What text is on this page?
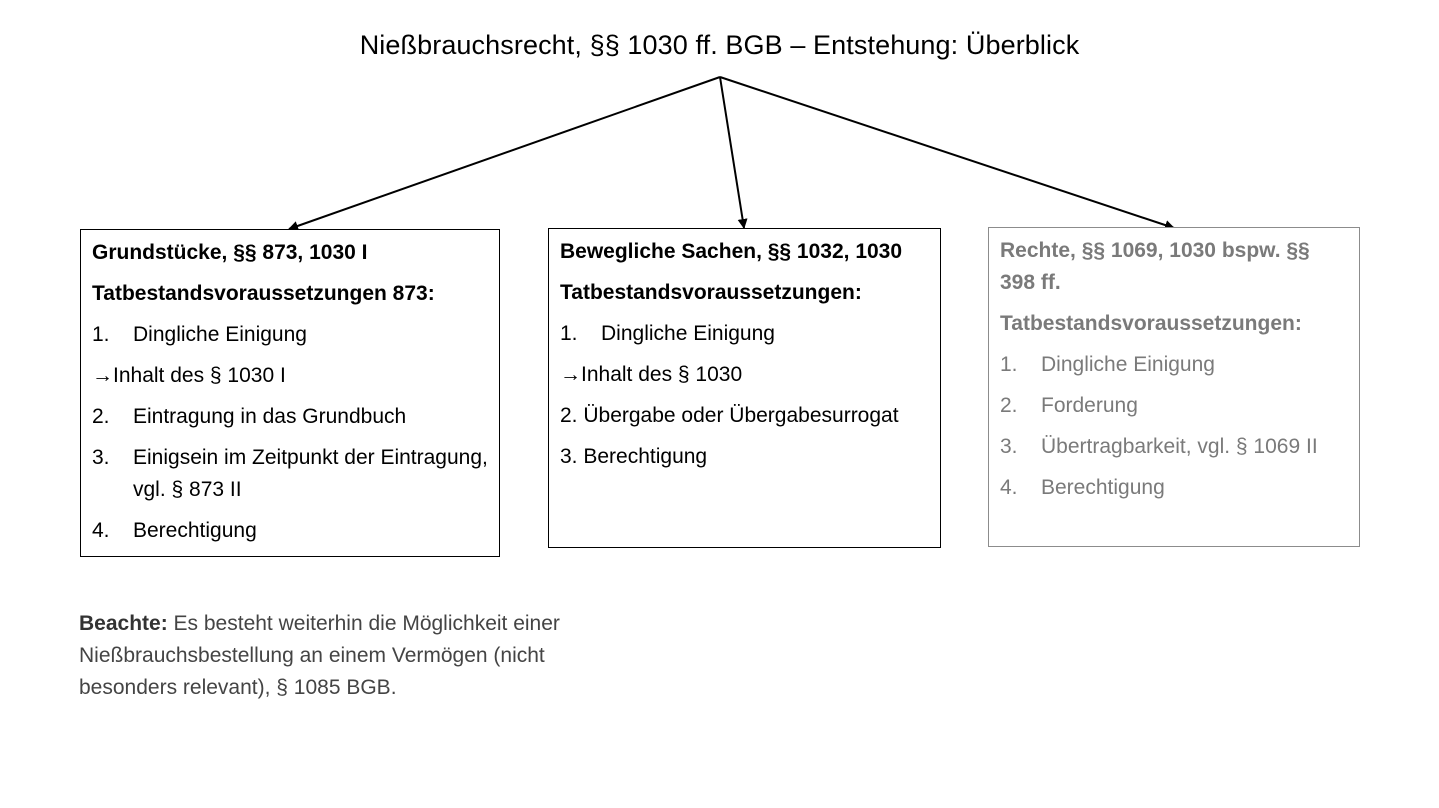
Nießbrauchsrecht, §§ 1030 ff. BGB – Entstehung: Überblick
Grundstücke, §§ 873, 1030 I
Tatbestandsvoraussetzungen 873:
1.	Dingliche Einigung
→Inhalt des § 1030 I
2.	Eintragung in das Grundbuch
3.	Einigsein im Zeitpunkt der Eintragung, vgl. § 873 II
4.	Berechtigung
Bewegliche Sachen, §§ 1032, 1030
Tatbestandsvoraussetzungen:
1.	Dingliche Einigung
→Inhalt des § 1030
2. Übergabe oder Übergabesurrogat
3. Berechtigung
Rechte, §§ 1069, 1030 bspw. §§ 398 ff.
Tatbestandsvoraussetzungen:
1.	Dingliche Einigung
2.	Forderung
3.	Übertragbarkeit, vgl. § 1069 II
4.	Berechtigung
Beachte: Es besteht weiterhin die Möglichkeit einer Nießbrauchsbestellung an einem Vermögen (nicht besonders relevant), § 1085 BGB.
